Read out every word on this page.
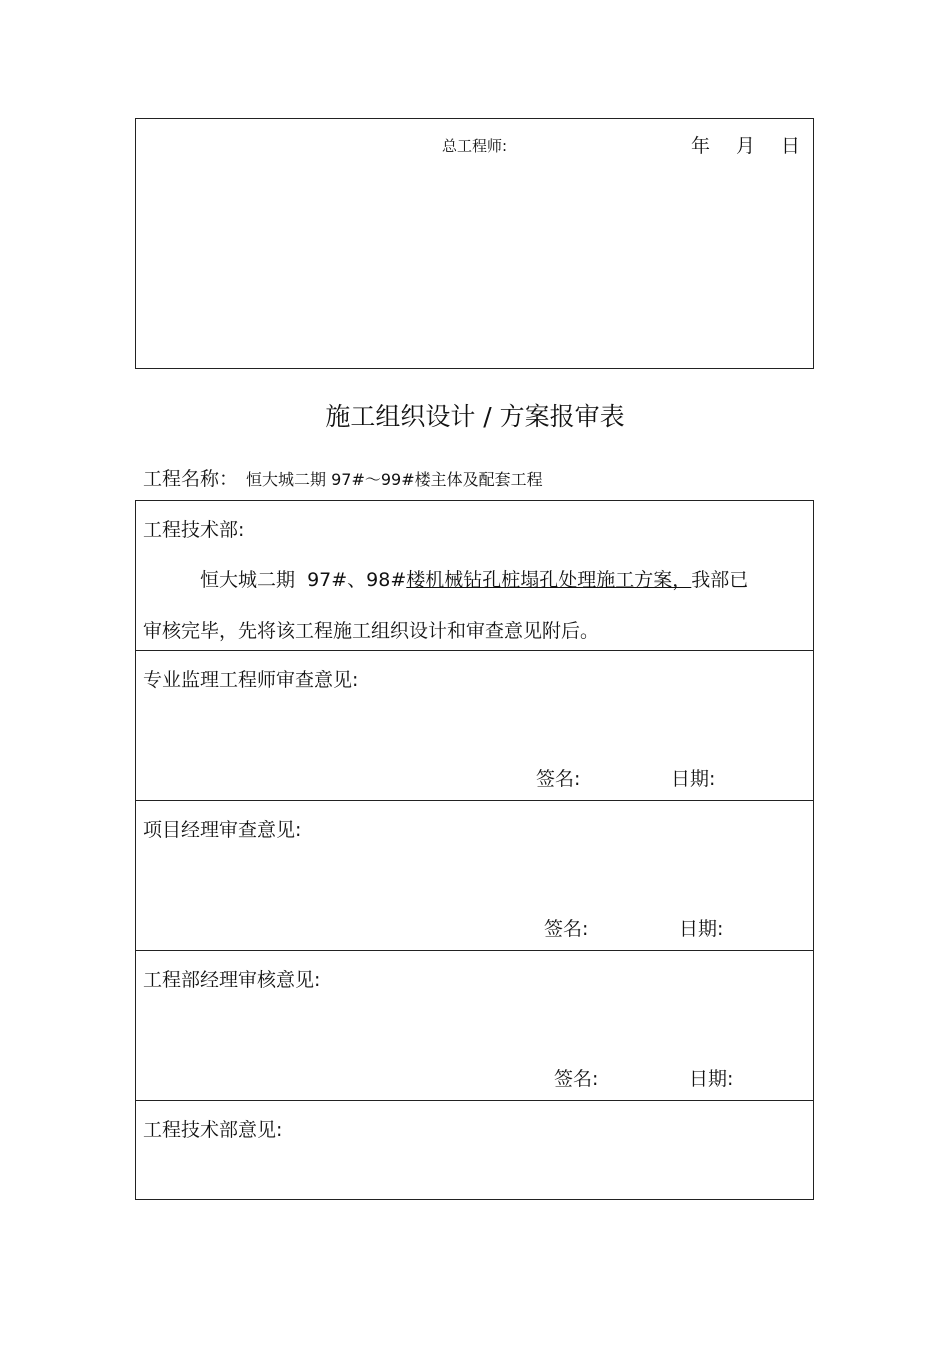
总工程师:	年 月 日
施工组织设计 / 方案报审表
工程名称： 恒大城二期 97#～99#楼主体及配套工程
工程技术部:
恒大城二期  97#、98#楼机械钻孔桩塌孔处理施工方案，我部已
审核完毕，先将该工程施工组织设计和审查意见附后。
专业监理工程师审查意见:
签名:	日期:
项目经理审查意见:
签名:	日期:
工程部经理审核意见:
签名:	日期:
工程技术部意见:
